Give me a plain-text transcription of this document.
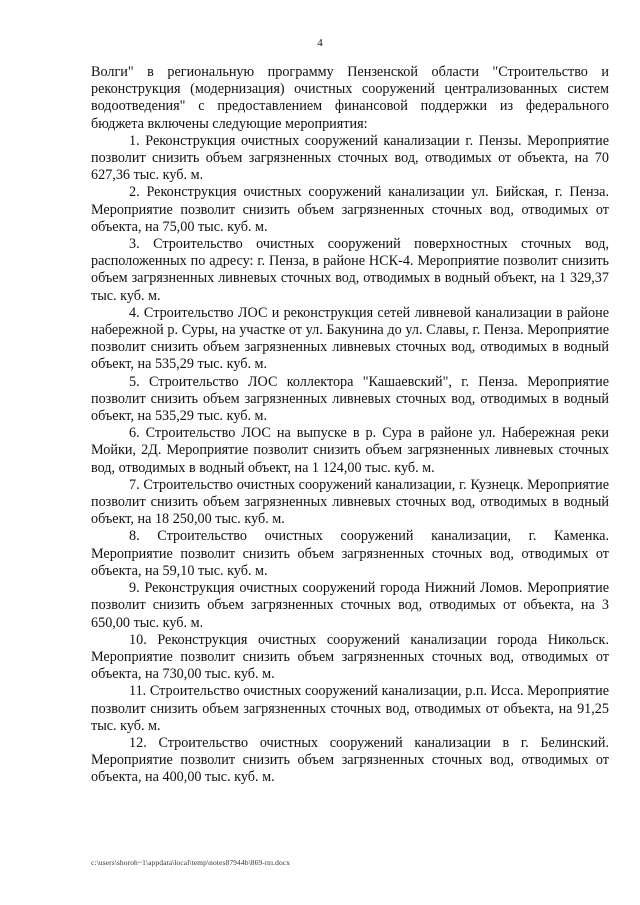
4

Волги" в региональную программу Пензенской области "Строительство и реконструкция (модернизация) очистных сооружений централизованных систем водоотведения" с предоставлением финансовой поддержки из федерального бюджета включены следующие мероприятия:

1. Реконструкция очистных сооружений канализации г. Пензы. Мероприятие позволит снизить объем загрязненных сточных вод, отводимых от объекта, на 70 627,36 тыс. куб. м.

2. Реконструкция очистных сооружений канализации ул. Бийская, г. Пенза. Мероприятие позволит снизить объем загрязненных сточных вод, отводимых от объекта, на 75,00 тыс. куб. м.

3. Строительство очистных сооружений поверхностных сточных вод, расположенных по адресу: г. Пенза, в районе НСК-4. Мероприятие позволит снизить объем загрязненных ливневых сточных вод, отводимых в водный объект, на 1 329,37 тыс. куб. м.

4. Строительство ЛОС и реконструкция сетей ливневой канализации в районе набережной р. Суры, на участке от ул. Бакунина до ул. Славы, г. Пенза. Мероприятие позволит снизить объем загрязненных ливневых сточных вод, отводимых в водный объект, на 535,29 тыс. куб. м.

5. Строительство ЛОС коллектора "Кашаевский", г. Пенза. Мероприятие позволит снизить объем загрязненных ливневых сточных вод, отводимых в водный объект, на 535,29 тыс. куб. м.

6. Строительство ЛОС на выпуске в р. Сура в районе ул. Набережная реки Мойки, 2Д. Мероприятие позволит снизить объем загрязненных ливневых сточных вод, отводимых в водный объект, на 1 124,00 тыс. куб. м.

7. Строительство очистных сооружений канализации, г. Кузнецк. Мероприятие позволит снизить объем загрязненных ливневых сточных вод, отводимых в водный объект, на 18 250,00 тыс. куб. м.

8. Строительство очистных сооружений канализации, г. Каменка. Мероприятие позволит снизить объем загрязненных сточных вод, отводимых от объекта, на 59,10 тыс. куб. м.

9. Реконструкция очистных сооружений города Нижний Ломов. Мероприятие позволит снизить объем загрязненных сточных вод, отводимых от объекта, на 3 650,00 тыс. куб. м.

10. Реконструкция очистных сооружений канализации города Никольск. Мероприятие позволит снизить объем загрязненных сточных вод, отводимых от объекта, на 730,00 тыс. куб. м.

11. Строительство очистных сооружений канализации, р.п. Исса. Мероприятие позволит снизить объем загрязненных сточных вод, отводимых от объекта, на 91,25 тыс. куб. м.

12. Строительство очистных сооружений канализации в г. Белинский. Мероприятие позволит снизить объем загрязненных сточных вод, отводимых от объекта, на 400,00 тыс. куб. м.

c:\users\shoroh~1\appdata\local\temp\notes87944b\869-пп.docx
